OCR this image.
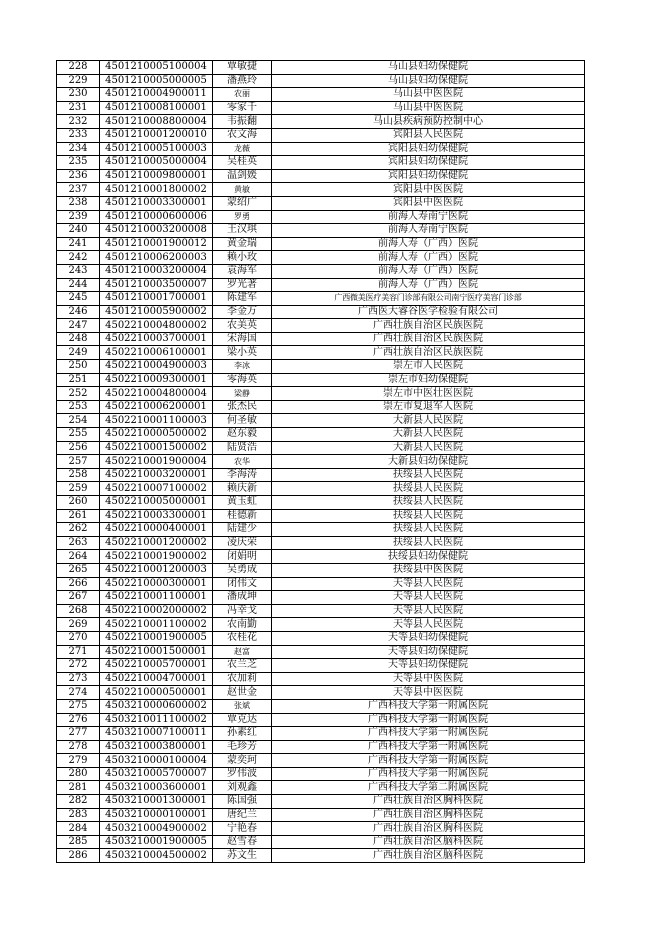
228	4501210005100004	覃敏捷	马山县妇幼保健院
229	4501210005000005	潘燕玲	马山县妇幼保健院
230	4501210004900011	农丽	马山县中医医院
231	4501210008100001	零家千	马山县中医医院
232	4501210008800004	韦振翻	马山县疾病预防控制中心
233	4501210001200010	农文海	宾阳县人民医院
234	4501210005100003	龙薇	宾阳县妇幼保健院
235	4501210005000004	吴桂英	宾阳县妇幼保健院
236	4501210009800001	温剑媛	宾阳县妇幼保健院
237	4501210001800002	黄敏	宾阳县中医医院
238	4501210003300001	蒙绍广	宾阳县中医医院
239	4501210000600006	罗勇	前海人寿南宁医院
240	4501210003200008	王汉琪	前海人寿南宁医院
241	4501210001900012	黄金瑞	前海人寿（广西）医院
242	4501210006200003	赖小玫	前海人寿（广西）医院
243	4501210003200004	袁海军	前海人寿（广西）医院
244	4501210003500007	罗光著	前海人寿（广西）医院
245	4501210001700001	陈建军	广西微美医疗美容门诊部有限公司南宁医疗美容门诊部
246	4501210005900002	李金万	广西医大睿谷医学检验有限公司
247	4502210004800002	农美英	广西壮族自治区民族医院
248	4502210003700001	宋海国	广西壮族自治区民族医院
249	4502210006100001	梁小英	广西壮族自治区民族医院
250	4502210004900003	李冰	崇左市人民医院
251	4502210009300001	零海英	崇左市妇幼保健院
252	4502210004800004	梁静	崇左市中医壮医医院
253	4502210006200001	张杰民	崇左市复退军人医院
254	4502210001100003	何圣敏	大新县人民医院
255	4502210000500002	赵东毅	大新县人民医院
256	4502210001500002	陆贤浩	大新县人民医院
257	4502210001900004	农华	大新县妇幼保健院
258	4502210003200001	李海涛	扶绥县人民医院
259	4502210007100002	赖庆新	扶绥县人民医院
260	4502210005000001	黄玉虹	扶绥县人民医院
261	4502210003300001	桂德新	扶绥县人民医院
262	4502210000400001	陆建少	扶绥县人民医院
263	4502210001200002	凌庆荣	扶绥县人民医院
264	4502210001900002	闭娟明	扶绥县妇幼保健院
265	4502210001200003	吴勇成	扶绥县中医医院
266	4502210000300001	闭伟文	天等县人民医院
267	4502210001100001	潘成坤	天等县人民医院
268	4502210002000002	冯幸戈	天等县人民医院
269	4502210001100002	农南勤	天等县人民医院
270	4502210001900005	农桂花	天等县妇幼保健院
271	4502210001500001	赵富	天等县妇幼保健院
272	4502210005700001	农兰芝	天等县妇幼保健院
273	4502210004700001	农加莉	天等县中医医院
274	4502210000500001	赵世金	天等县中医医院
275	4503210000600002	张斌	广西科技大学第一附属医院
276	4503210011100002	覃克达	广西科技大学第一附属医院
277	4503210007100011	孙素红	广西科技大学第一附属医院
278	4503210003800001	毛珍芳	广西科技大学第一附属医院
279	4503210000100004	蒙奕珂	广西科技大学第一附属医院
280	4503210005700007	罗伟波	广西科技大学第一附属医院
281	4503210003600001	刘观鑫	广西科技大学第二附属医院
282	4503210001300001	陈国强	广西壮族自治区胸科医院
283	4503210000100001	唐纪兰	广西壮族自治区胸科医院
284	4503210004900002	宁艳春	广西壮族自治区胸科医院
285	4503210001900005	赵雪春	广西壮族自治区脑科医院
286	4503210004500002	苏文生	广西壮族自治区脑科医院
